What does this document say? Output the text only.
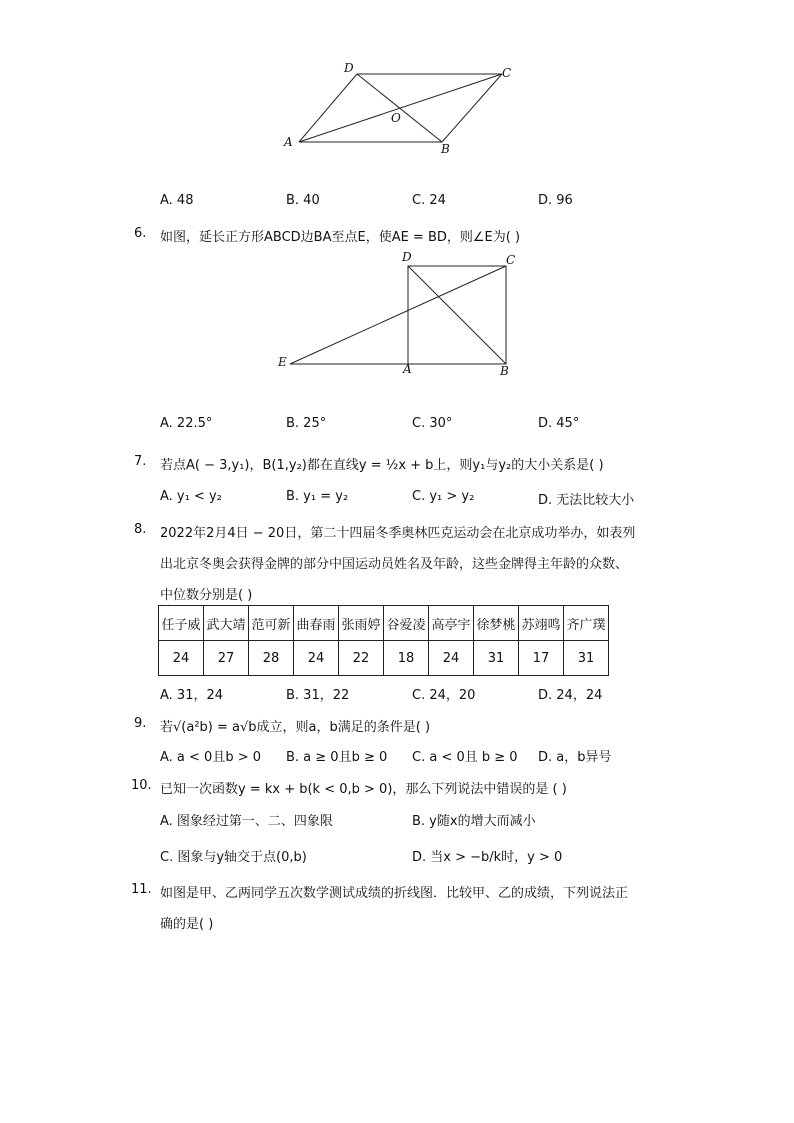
A	B
C
D
O
A. 48	B. 40	C. 24	D. 96
6. 如图，延长正方形ABCD边BA至点E，使AE = BD，则∠E为( )
D	C
E	A	B
A. 22.5°	B. 25°	C. 30°	D. 45°
7. 若点A( − 3,y₁)，B(1,y₂)都在直线y = ½x + b上，则y₁与y₂的大小关系是( )
A. y₁ < y₂	B. y₁ = y₂	C. y₁ > y₂	D. 无法比较大小
8. 2022年2月4日 − 20日，第二十四届冬季奥林匹克运动会在北京成功举办，如表列
出北京冬奥会获得金牌的部分中国运动员姓名及年龄，这些金牌得主年龄的众数、
中位数分别是( )
任子威	武大靖	范可新	曲春雨	张雨婷	谷爱凌	高亭宇	徐梦桃	苏翊鸣	齐广璞
24	27	28	24	22	18	24	31	17	31
A. 31，24	B. 31，22	C. 24，20	D. 24，24
9. 若√(a²b) = a√b成立，则a，b满足的条件是( )
A. a < 0且b > 0 B. a ≥ 0且b ≥ 0 C. a < 0且 b ≥ 0 D. a，b异号
10. 已知一次函数y = kx + b(k < 0,b > 0)，那么下列说法中错误的是 ( )
A. 图象经过第一、二、四象限	B. y随x的增大而减小
C. 图象与y轴交于点(0,b)	D. 当x > −b/k时，y > 0
11. 如图是甲、乙两同学五次数学测试成绩的折线图．比较甲、乙的成绩，下列说法正
确的是( )
